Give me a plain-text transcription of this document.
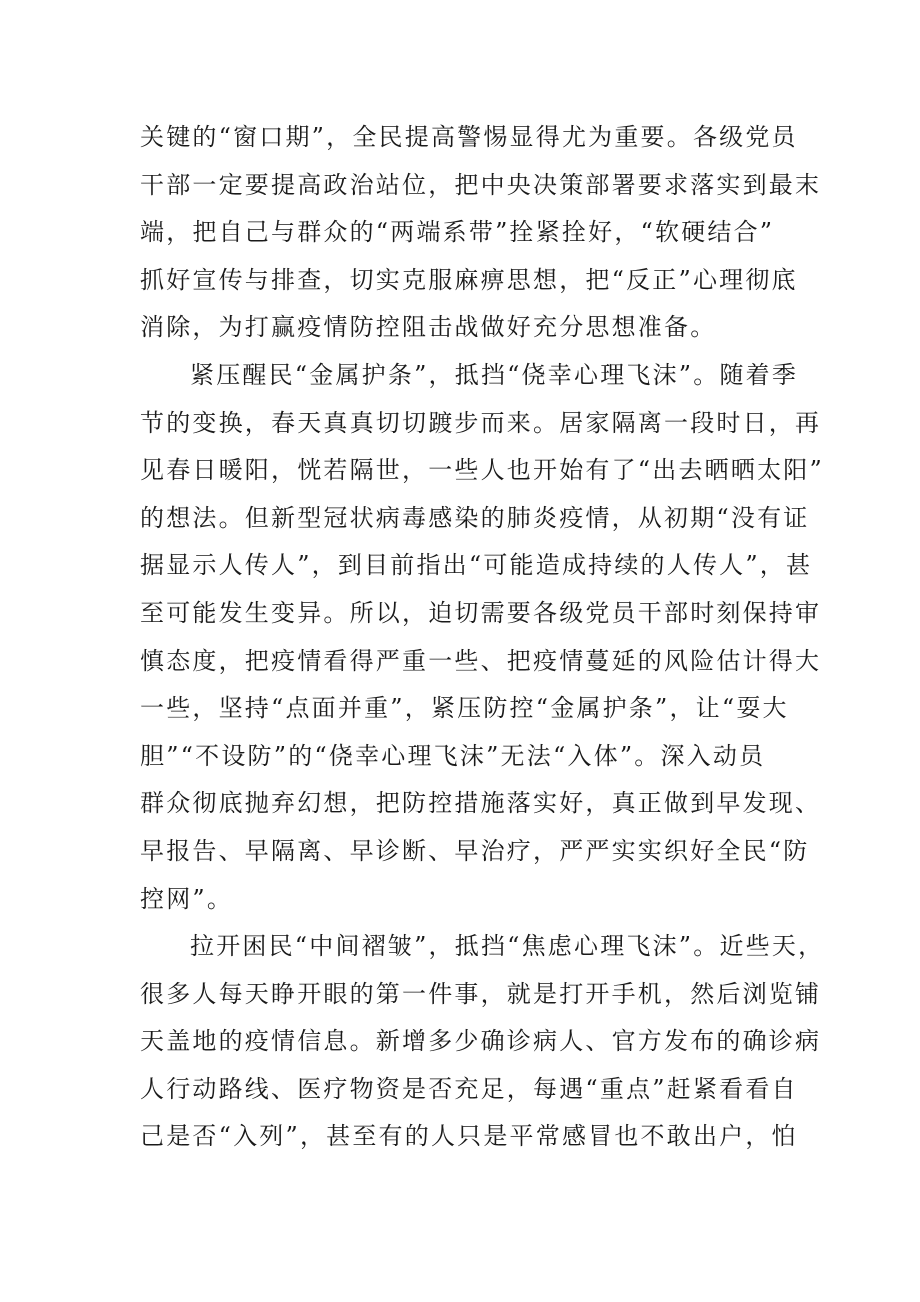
关键的“窗口期”，全民提高警惕显得尤为重要。各级党员
干部一定要提高政治站位，把中央决策部署要求落实到最末
端，把自己与群众的“两端系带”拴紧拴好，“软硬结合”
抓好宣传与排查，切实克服麻痹思想，把“反正”心理彻底
消除，为打赢疫情防控阻击战做好充分思想准备。
紧压醒民“金属护条”，抵挡“侥幸心理飞沫”。随着季
节的变换，春天真真切切踱步而来。居家隔离一段时日，再
见春日暖阳，恍若隔世，一些人也开始有了“出去晒晒太阳”
的想法。但新型冠状病毒感染的肺炎疫情，从初期“没有证
据显示人传人”，到目前指出“可能造成持续的人传人”，甚
至可能发生变异。所以，迫切需要各级党员干部时刻保持审
慎态度，把疫情看得严重一些、把疫情蔓延的风险估计得大
一些，坚持“点面并重”，紧压防控“金属护条”，让“耍大
胆”“不设防”的“侥幸心理飞沫”无法“入体”。深入动员
群众彻底抛弃幻想，把防控措施落实好，真正做到早发现、
早报告、早隔离、早诊断、早治疗，严严实实织好全民“防
控网”。
拉开困民“中间褶皱”，抵挡“焦虑心理飞沫”。近些天，
很多人每天睁开眼的第一件事，就是打开手机，然后浏览铺
天盖地的疫情信息。新增多少确诊病人、官方发布的确诊病
人行动路线、医疗物资是否充足，每遇“重点”赶紧看看自
己是否“入列”，甚至有的人只是平常感冒也不敢出户，怕
